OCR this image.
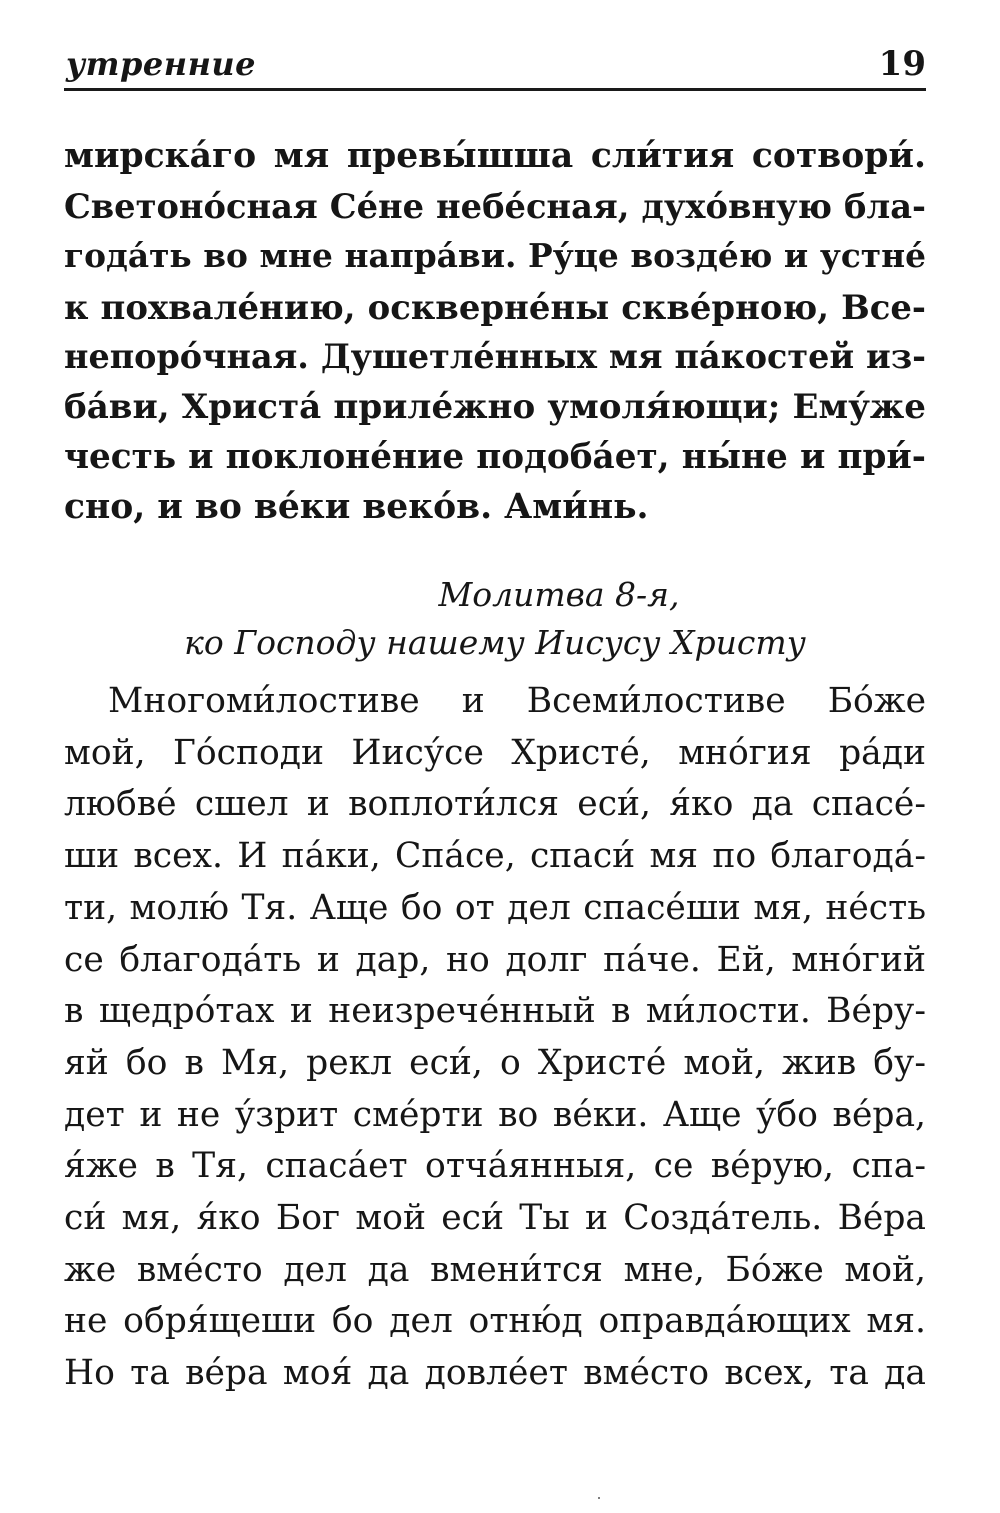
утренние	19
мирска́го мя превы́шша сли́тия сотвори́.
Светоно́сная Се́не небе́сная, духо́вную бла-
года́ть во мне напра́ви. Ру́це возде́ю и устне́
к похвале́нию, оскверне́ны скве́рною, Все-
непоро́чная. Душетле́нных мя па́костей из-
ба́ви, Христа́ приле́жно умоля́ющи; Ему́же
честь и поклоне́ние подоба́ет, ны́не и при́-
сно, и во ве́ки веко́в. Ами́нь.
Молитва 8-я,
ко Господу нашему Иисусу Христу
Многоми́лостиве и Всеми́лостиве Бо́же
мой, Го́споди Иису́се Христе́, мно́гия ра́ди
любве́ сшел и воплоти́лся еси́, я́ко да спасе́-
ши всех. И па́ки, Спа́се, спаси́ мя по благода́-
ти, молю́ Тя. Аще бо от дел спасе́ши мя, не́сть
се благода́ть и дар, но долг па́че. Ей, мно́гий
в щедро́тах и неизрече́нный в ми́лости. Ве́ру-
яй бо в Мя, рекл еси́, о Христе́ мой, жив бу-
дет и не у́зрит сме́рти во ве́ки. Аще у́бо ве́ра,
я́же в Тя, спаса́ет отча́янныя, се ве́рую, спа-
си́ мя, я́ко Бог мой еси́ Ты и Созда́тель. Ве́ра
же вме́сто дел да вмени́тся мне, Бо́же мой,
не обря́щеши бо дел отню́д оправда́ющих мя.
Но та ве́ра моя́ да довле́ет вме́сто всех, та да
